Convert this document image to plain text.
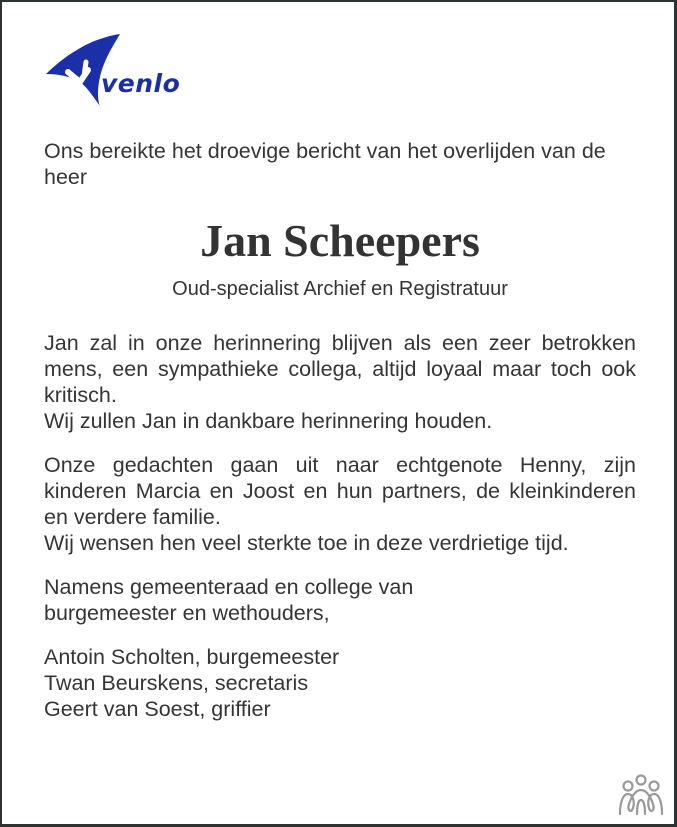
venlo

Ons bereikte het droevige bericht van het overlijden van de heer

Jan Scheepers

Oud-specialist Archief en Registratuur

Jan zal in onze herinnering blijven als een zeer betrokken mens, een sympathieke collega, altijd loyaal maar toch ook kritisch.
Wij zullen Jan in dankbare herinnering houden.
Onze gedachten gaan uit naar echtgenote Henny, zijn kinderen Marcia en Joost en hun partners, de kleinkinderen en verdere familie.
Wij wensen hen veel sterkte toe in deze verdrietige tijd.
Namens gemeenteraad en college van
burgemeester en wethouders,
Antoin Scholten, burgemeester
Twan Beurskens, secretaris
Geert van Soest, griffier
